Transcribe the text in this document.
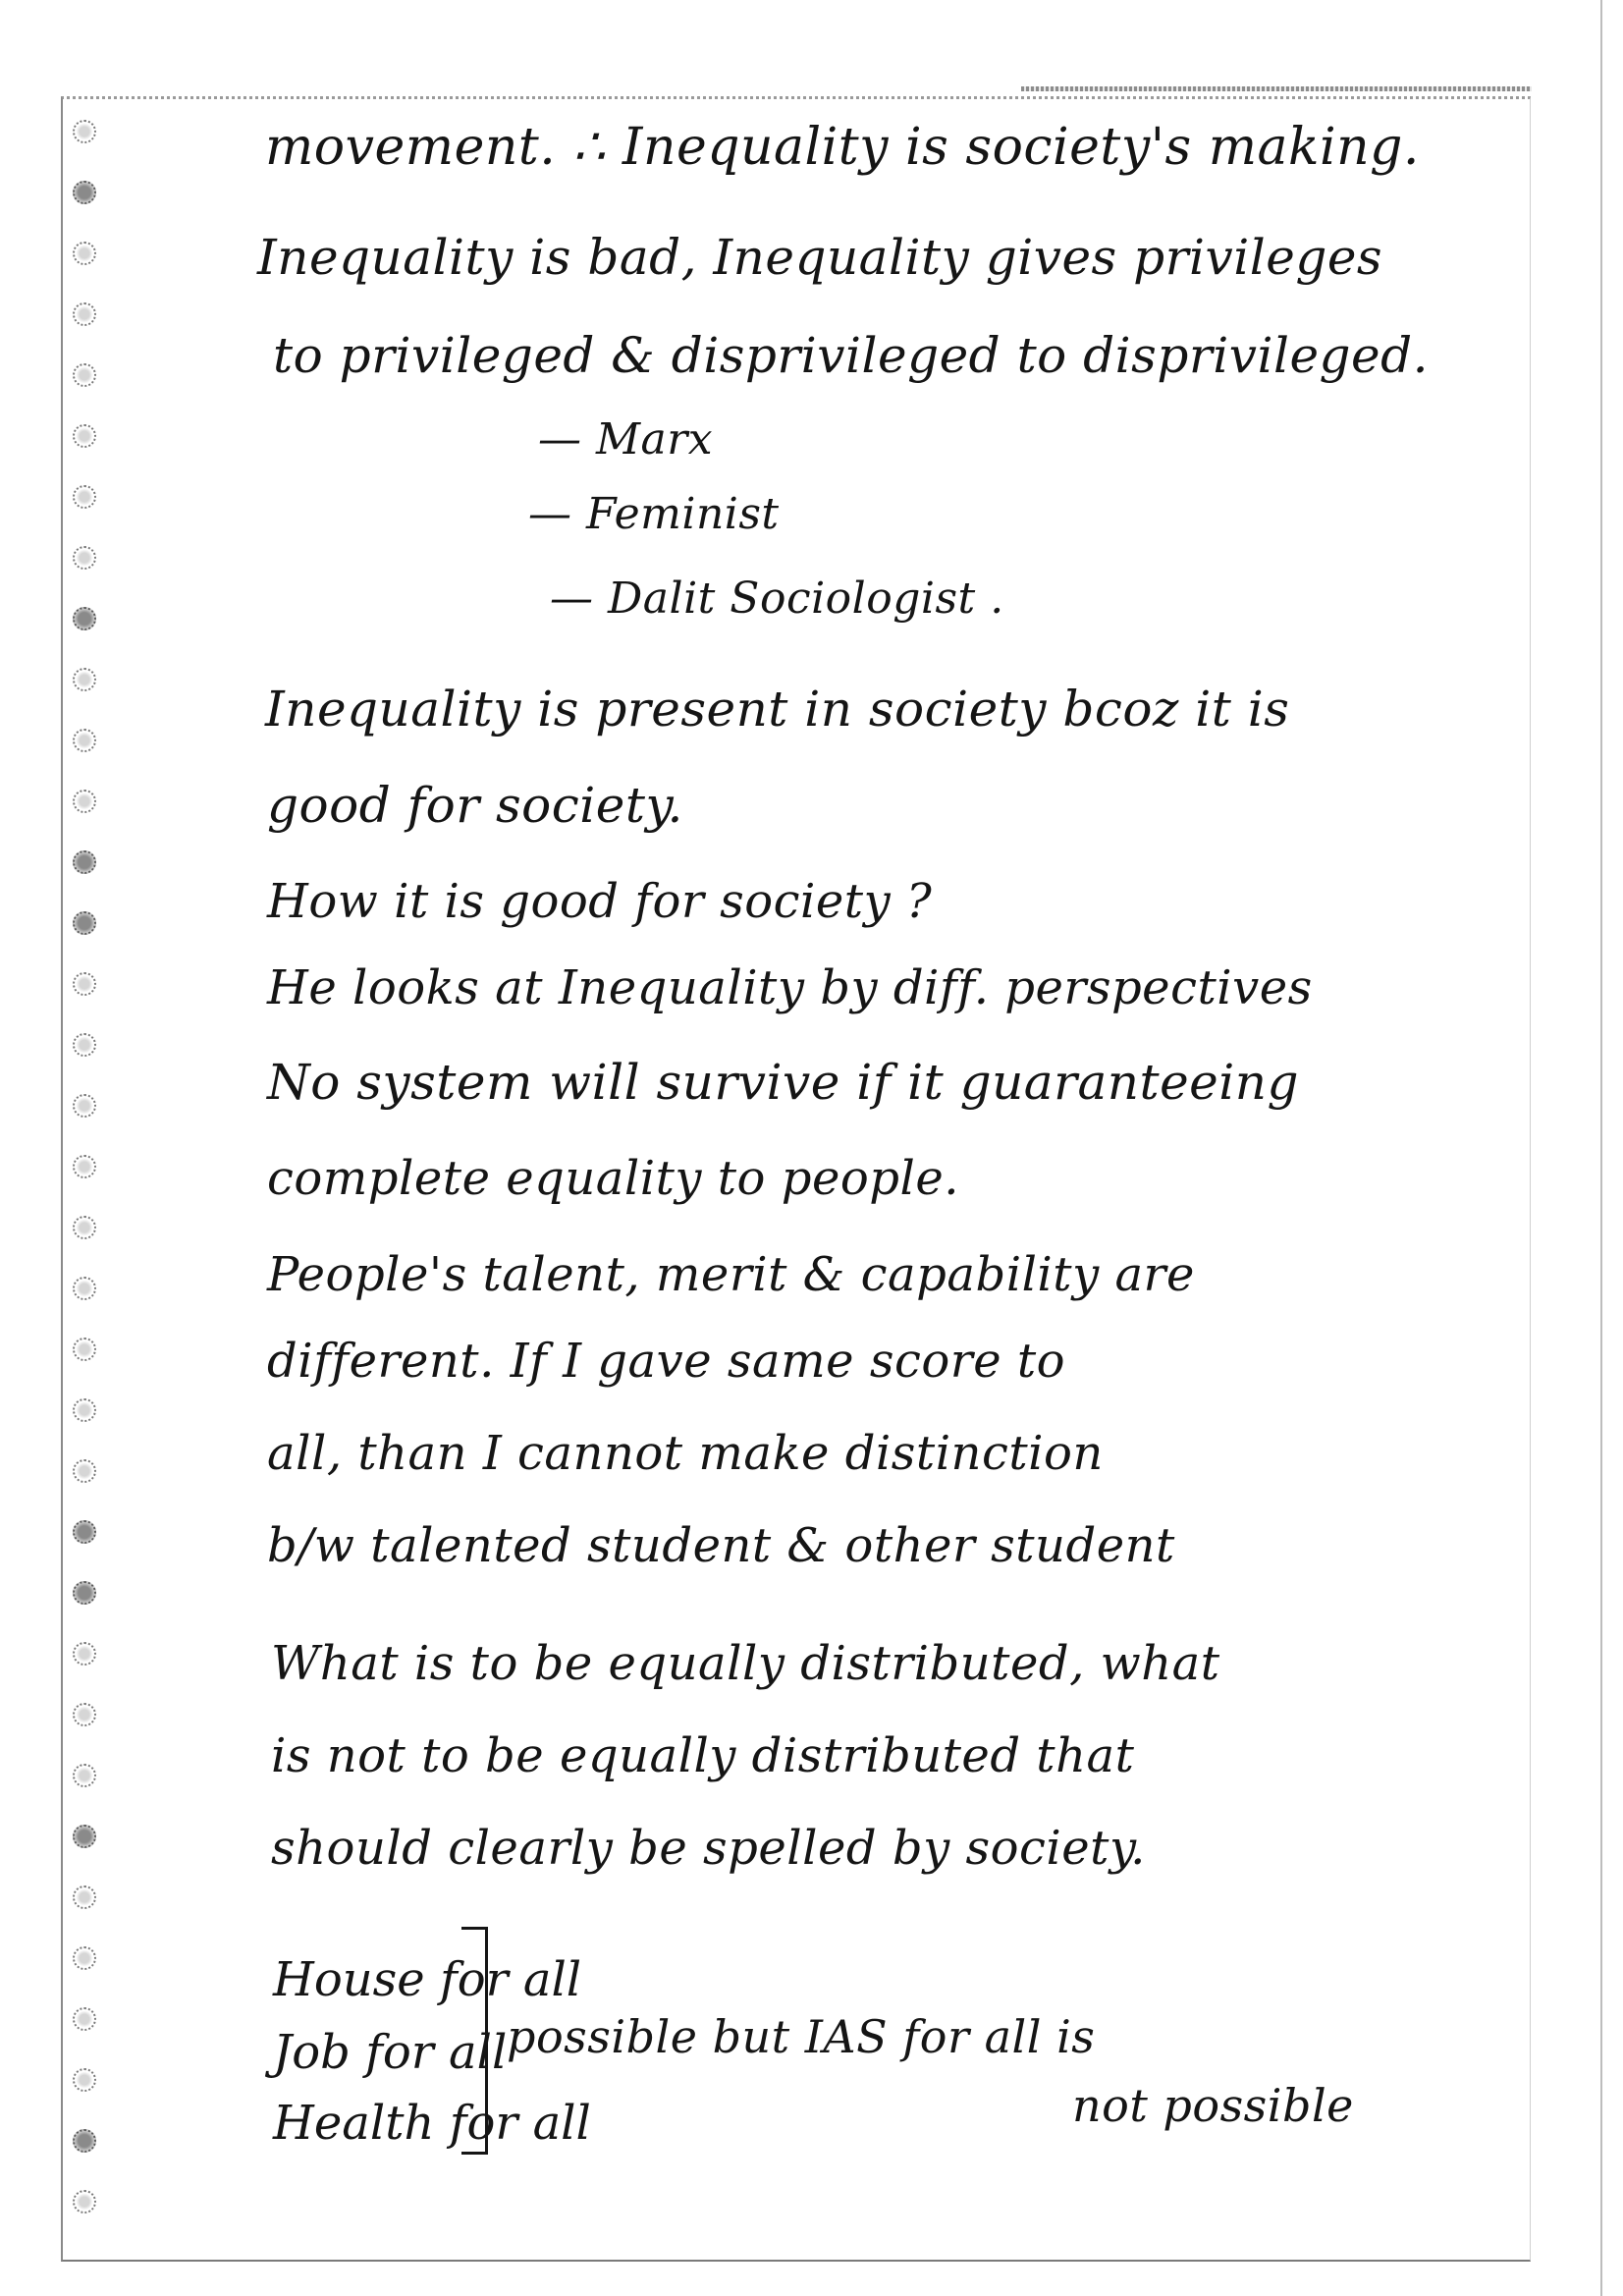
movement. ∴ Inequality is society's making.
Inequality is bad, Inequality gives privileges
to privileged & disprivileged to disprivileged.
— Marx
— Feminist
— Dalit Sociologist .
Inequality is present in society bcoz it is
good for society.
How it is good for society ?
He looks at Inequality by diff. perspectives
No system will survive if it guaranteeing
complete equality to people.
People's talent, merit & capability are
different. If I gave same score to
all, than I cannot make distinction
b/w talented student & other student
What is to be equally distributed, what
is not to be equally distributed that
should clearly be spelled by society.
House for all
Job for all
Health for all
possible but IAS for all is
not possible
